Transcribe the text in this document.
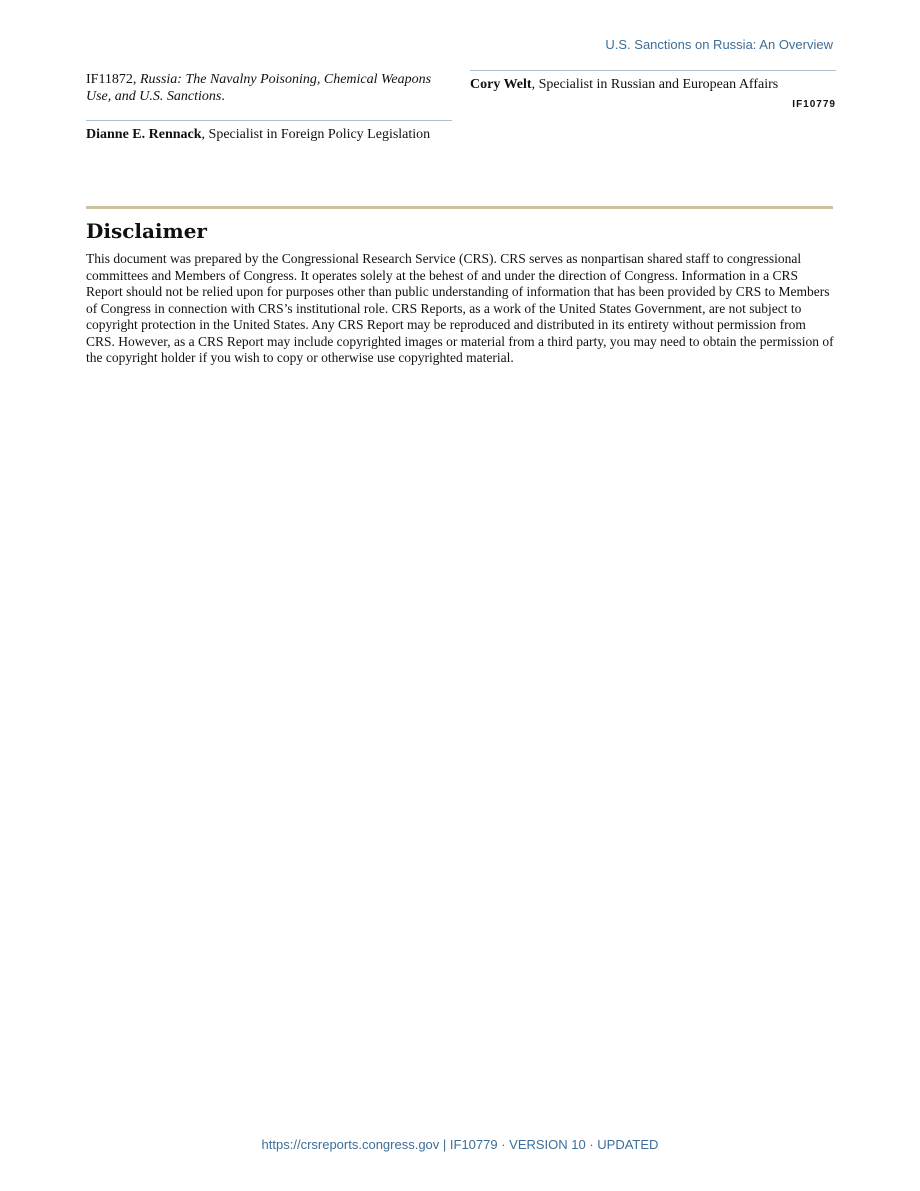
U.S. Sanctions on Russia: An Overview

IF11872, Russia: The Navalny Poisoning, Chemical Weapons Use, and U.S. Sanctions.

Dianne E. Rennack, Specialist in Foreign Policy Legislation

Cory Welt, Specialist in Russian and European Affairs

IF10779
Disclaimer

This document was prepared by the Congressional Research Service (CRS). CRS serves as nonpartisan shared staff to congressional committees and Members of Congress. It operates solely at the behest of and under the direction of Congress. Information in a CRS Report should not be relied upon for purposes other than public understanding of information that has been provided by CRS to Members of Congress in connection with CRS’s institutional role. CRS Reports, as a work of the United States Government, are not subject to copyright protection in the United States. Any CRS Report may be reproduced and distributed in its entirety without permission from CRS. However, as a CRS Report may include copyrighted images or material from a third party, you may need to obtain the permission of the copyright holder if you wish to copy or otherwise use copyrighted material.

https://crsreports.congress.gov | IF10779 · VERSION 10 · UPDATED
